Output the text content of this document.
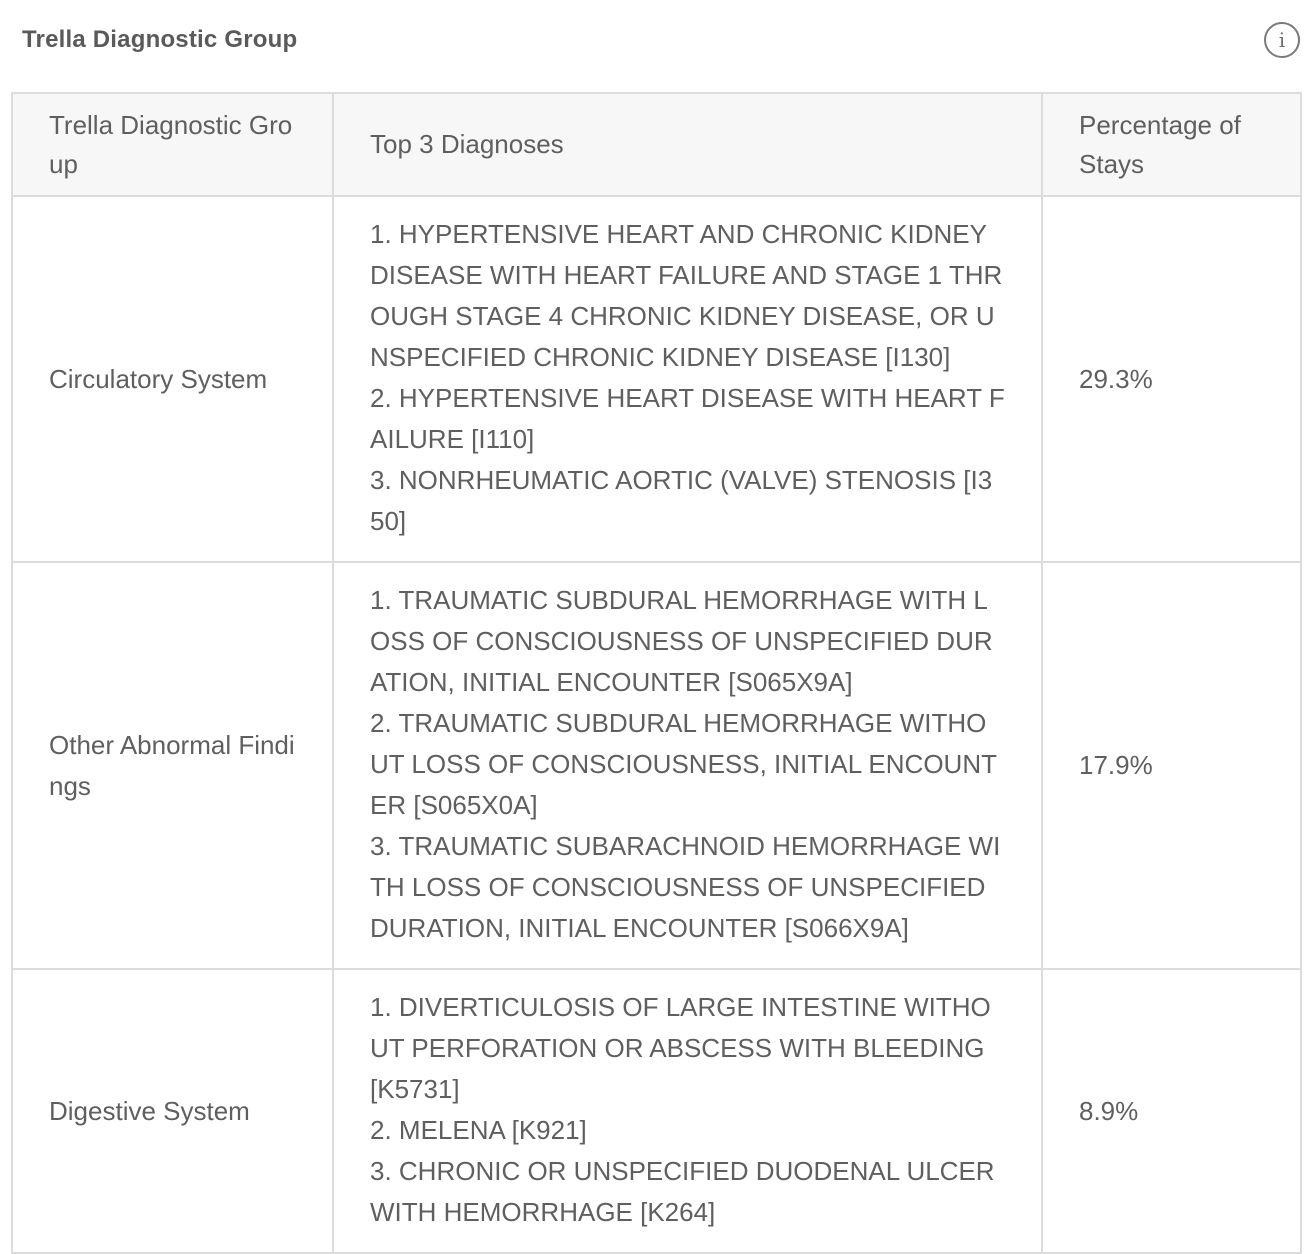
Trella Diagnostic Group	i
Trella Diagnostic Group	Top 3 Diagnoses	Percentage of Stays
Circulatory System	1. HYPERTENSIVE HEART AND CHRONIC KIDNEY DISEASE WITH HEART FAILURE AND STAGE 1 THROUGH STAGE 4 CHRONIC KIDNEY DISEASE, OR UNSPECIFIED CHRONIC KIDNEY DISEASE [I130]
2. HYPERTENSIVE HEART DISEASE WITH HEART FAILURE [I110]
3. NONRHEUMATIC AORTIC (VALVE) STENOSIS [I350]	29.3%
Other Abnormal Findings	1. TRAUMATIC SUBDURAL HEMORRHAGE WITH LOSS OF CONSCIOUSNESS OF UNSPECIFIED DURATION, INITIAL ENCOUNTER [S065X9A]
2. TRAUMATIC SUBDURAL HEMORRHAGE WITHOUT LOSS OF CONSCIOUSNESS, INITIAL ENCOUNTER [S065X0A]
3. TRAUMATIC SUBARACHNOID HEMORRHAGE WITH LOSS OF CONSCIOUSNESS OF UNSPECIFIED DURATION, INITIAL ENCOUNTER [S066X9A]	17.9%
Digestive System	1. DIVERTICULOSIS OF LARGE INTESTINE WITHOUT PERFORATION OR ABSCESS WITH BLEEDING [K5731]
2. MELENA [K921]
3. CHRONIC OR UNSPECIFIED DUODENAL ULCER WITH HEMORRHAGE [K264]	8.9%
